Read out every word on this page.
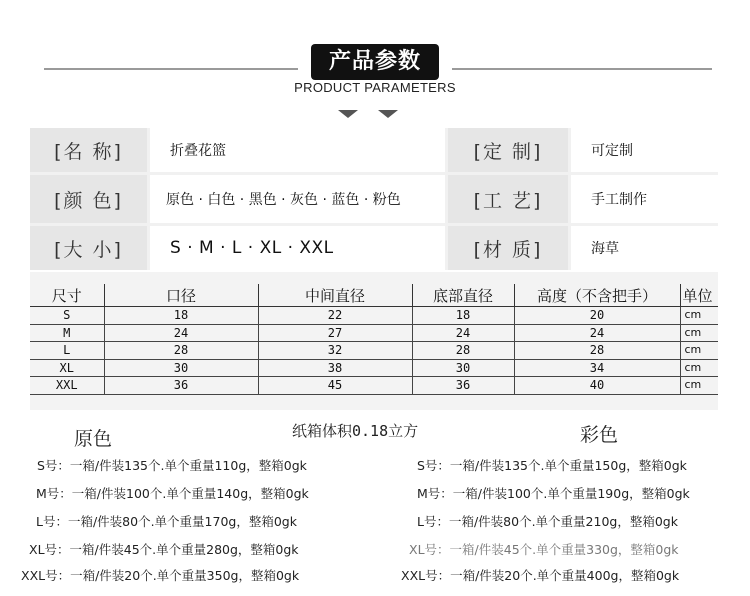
产品参数
PRODUCT PARAMETERS
[名 称]	折叠花篮	[定 制]	可定制
[颜 色]	原色 · 白色 · 黑色 · 灰色 · 蓝色 · 粉色	[工 艺]	手工制作
[大 小]	S · M · L · XL · XXL	[材 质]	海草
尺寸	口径	中间直径	底部直径	高度（不含把手）	单位
S	18	22	18	20	cm
M	24	27	24	24	cm
L	28	32	28	28	cm
XL	30	38	30	34	cm
XXL	36	45	36	40	cm
原色	纸箱体积0.18立方	彩色
S号：一箱/件装135个.单个重量110g，整箱0gk
M号：一箱/件装100个.单个重量140g，整箱0gk
L号：一箱/件装80个.单个重量170g，整箱0gk
XL号：一箱/件装45个.单个重量280g，整箱0gk
XXL号：一箱/件装20个.单个重量350g，整箱0gk
S号：一箱/件装135个.单个重量150g，整箱0gk
M号：一箱/件装100个.单个重量190g，整箱0gk
L号：一箱/件装80个.单个重量210g，整箱0gk
XL号：一箱/件装45个.单个重量330g，整箱0gk
XXL号：一箱/件装20个.单个重量400g，整箱0gk
